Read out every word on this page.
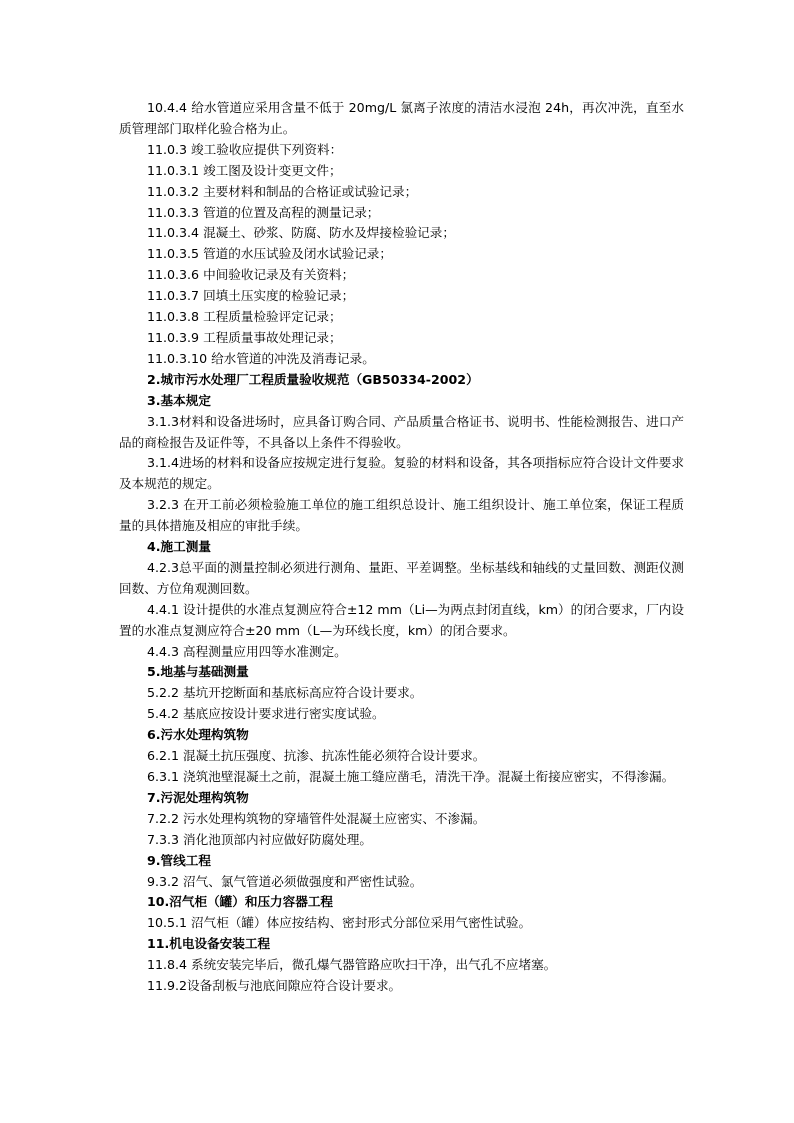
10.4.4 给水管道应采用含量不低于 20mg/L 氯离子浓度的清洁水浸泡 24h，再次冲洗，直至水质管理部门取样化验合格为止。

11.0.3 竣工验收应提供下列资料：

11.0.3.1 竣工图及设计变更文件；

11.0.3.2 主要材料和制品的合格证或试验记录；

11.0.3.3 管道的位置及高程的测量记录；

11.0.3.4 混凝土、砂浆、防腐、防水及焊接检验记录；

11.0.3.5 管道的水压试验及闭水试验记录；

11.0.3.6 中间验收记录及有关资料；

11.0.3.7 回填土压实度的检验记录；

11.0.3.8 工程质量检验评定记录；

11.0.3.9 工程质量事故处理记录；

11.0.3.10 给水管道的冲洗及消毒记录。

2.城市污水处理厂工程质量验收规范（GB50334-2002）

3.基本规定

3.1.3材料和设备进场时，应具备订购合同、产品质量合格证书、说明书、性能检测报告、进口产品的商检报告及证件等，不具备以上条件不得验收。

3.1.4进场的材料和设备应按规定进行复验。复验的材料和设备，其各项指标应符合设计文件要求及本规范的规定。

3.2.3 在开工前必须检验施工单位的施工组织总设计、施工组织设计、施工单位案，保证工程质量的具体措施及相应的审批手续。

4.施工测量

4.2.3总平面的测量控制必须进行测角、量距、平差调整。坐标基线和轴线的丈量回数、测距仪测回数、方位角观测回数。

4.4.1 设计提供的水准点复测应符合±12 mm（Li—为两点封闭直线，km）的闭合要求，厂内设置的水准点复测应符合±20 mm（L—为环线长度，km）的闭合要求。

4.4.3 高程测量应用四等水准测定。

5.地基与基础测量

5.2.2 基坑开挖断面和基底标高应符合设计要求。

5.4.2 基底应按设计要求进行密实度试验。

6.污水处理构筑物

6.2.1 混凝土抗压强度、抗渗、抗冻性能必须符合设计要求。

6.3.1 浇筑池壁混凝土之前，混凝土施工缝应凿毛，清洗干净。混凝土衔接应密实，不得渗漏。

7.污泥处理构筑物

7.2.2 污水处理构筑物的穿墙管件处混凝土应密实、不渗漏。

7.3.3 消化池顶部内衬应做好防腐处理。

9.管线工程

9.3.2 沼气、氯气管道必须做强度和严密性试验。

10.沼气柜（罐）和压力容器工程

10.5.1 沼气柜（罐）体应按结构、密封形式分部位采用气密性试验。

11.机电设备安装工程

11.8.4 系统安装完毕后，微孔爆气器管路应吹扫干净，出气孔不应堵塞。

11.9.2设备刮板与池底间隙应符合设计要求。
